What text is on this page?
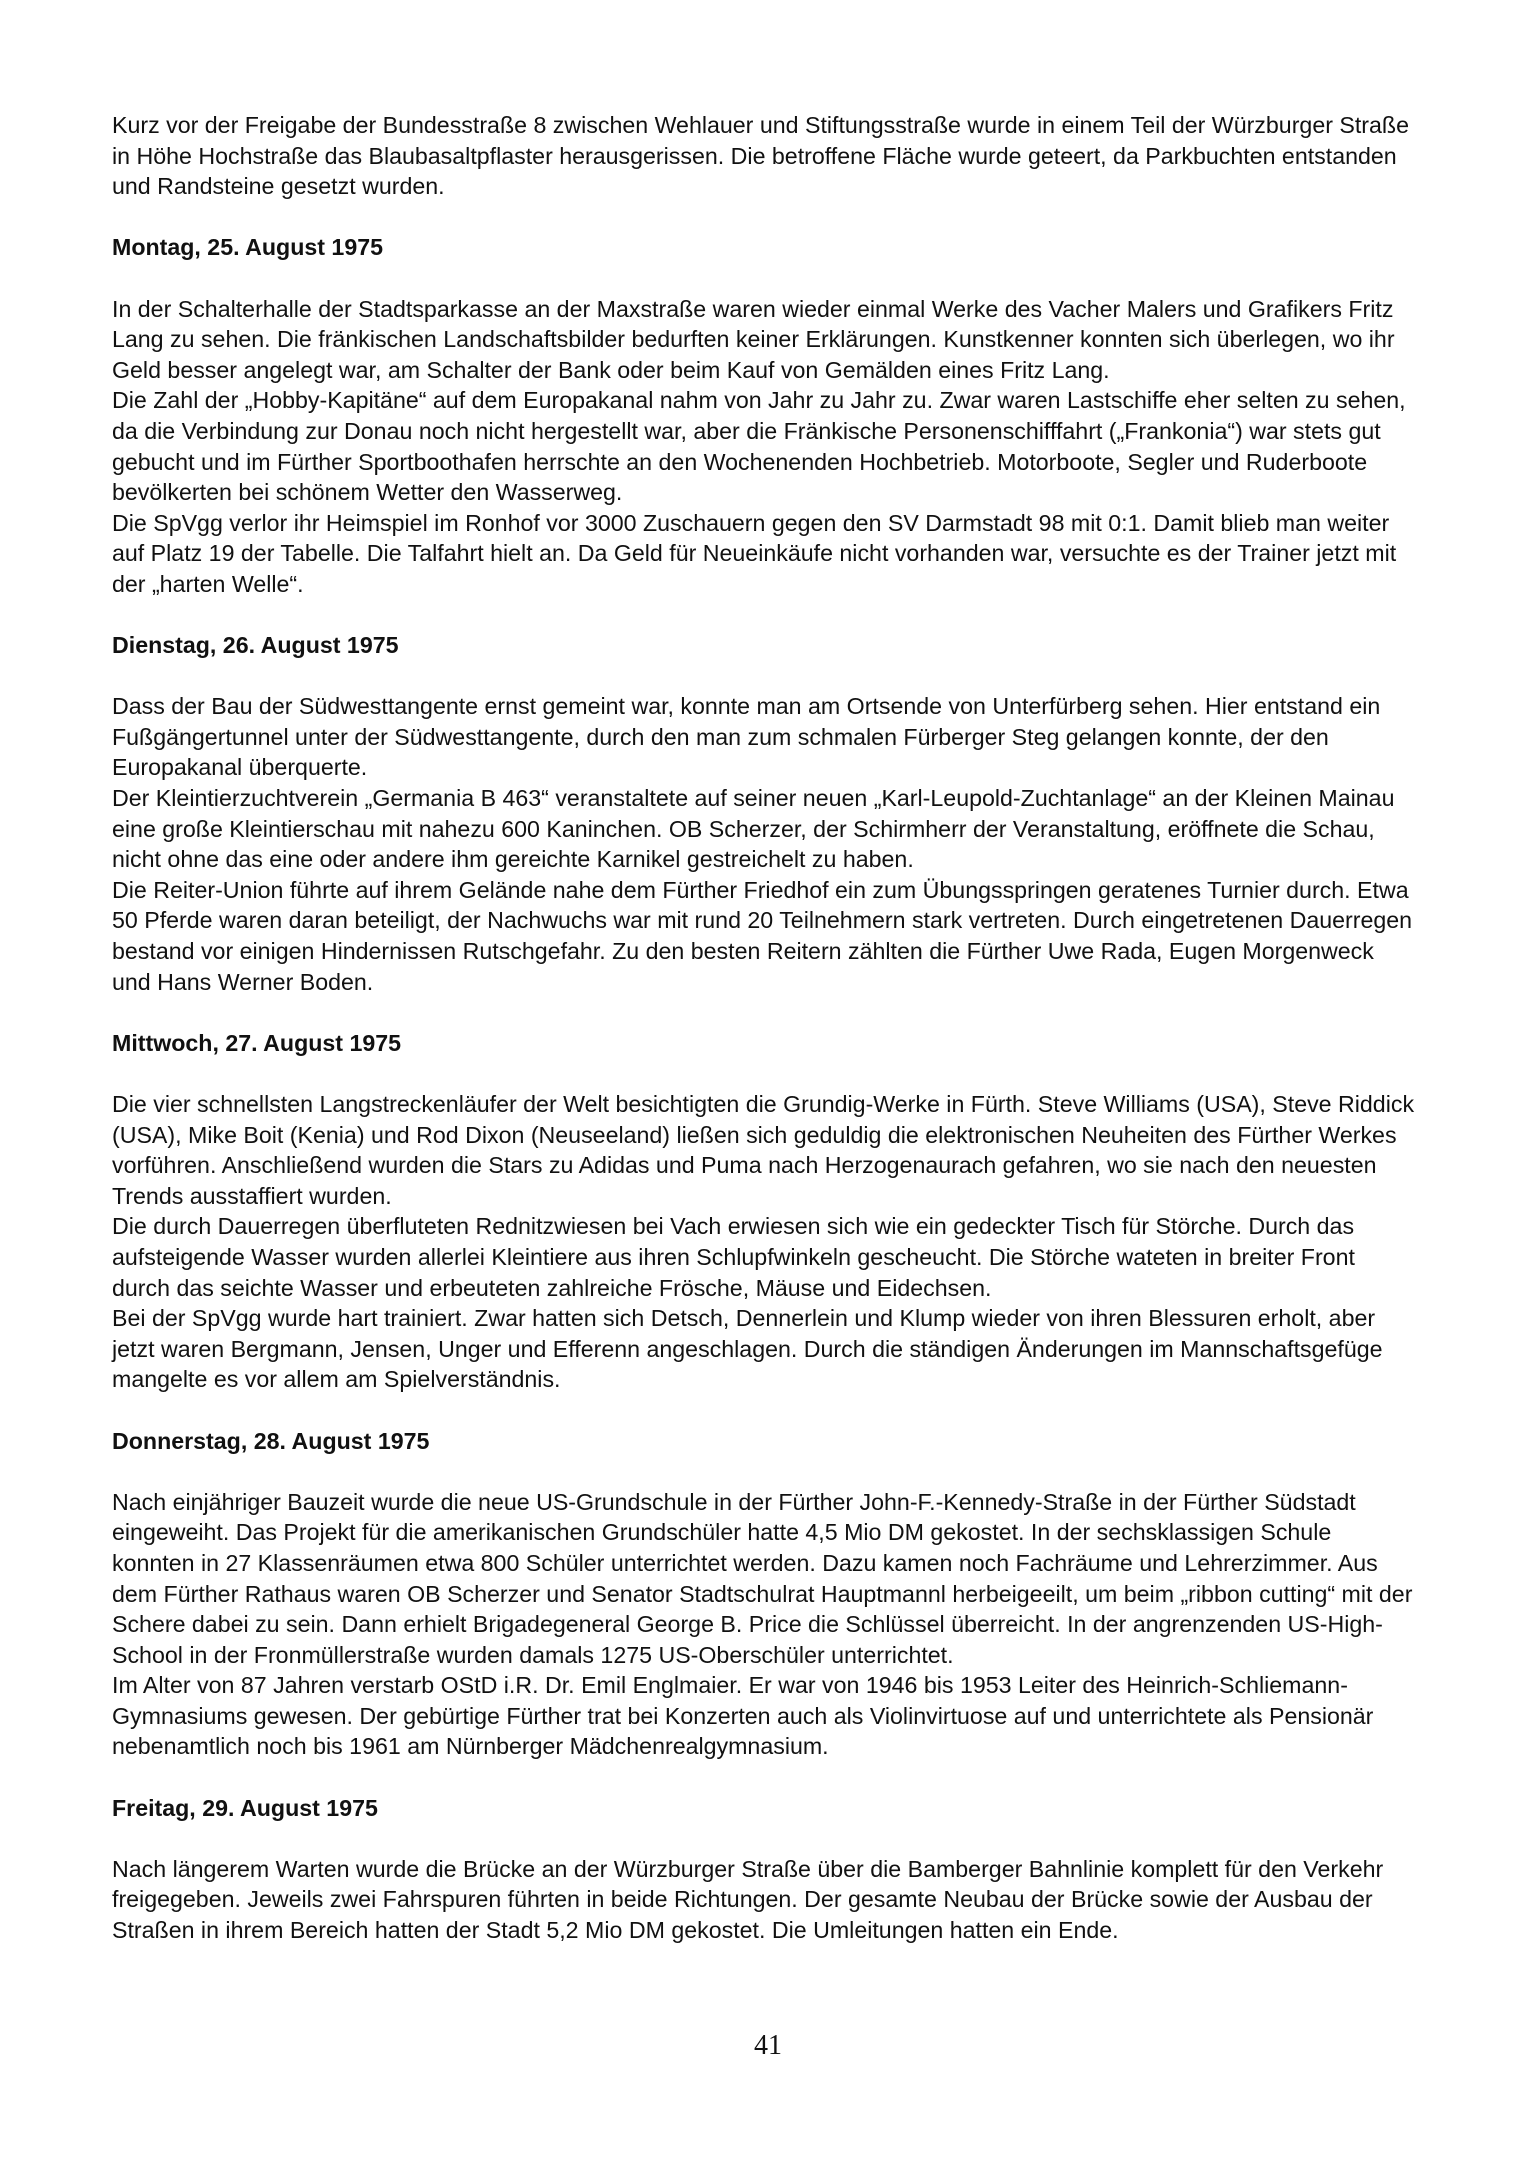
Kurz vor der Freigabe der Bundesstraße 8 zwischen Wehlauer und Stiftungsstraße wurde in einem Teil der Würzburger Straße in Höhe Hochstraße das Blaubasaltpflaster herausgerissen. Die betroffene Fläche wurde geteert, da Parkbuchten entstanden und Randsteine gesetzt wurden.

Montag, 25. August 1975

In der Schalterhalle der Stadtsparkasse an der Maxstraße waren wieder einmal Werke des Vacher Malers und Grafikers Fritz Lang zu sehen. Die fränkischen Landschaftsbilder bedurften keiner Erklärungen. Kunstkenner konnten sich überlegen, wo ihr Geld besser angelegt war, am Schalter der Bank oder beim Kauf von Gemälden eines Fritz Lang.

Die Zahl der „Hobby-Kapitäne“ auf dem Europakanal nahm von Jahr zu Jahr zu. Zwar waren Lastschiffe eher selten zu sehen, da die Verbindung zur Donau noch nicht hergestellt war, aber die Fränkische Personenschifffahrt („Frankonia“) war stets gut gebucht und im Fürther Sportboothafen herrschte an den Wochenenden Hochbetrieb. Motorboote, Segler und Ruderboote bevölkerten bei schönem Wetter den Wasserweg.

Die SpVgg verlor ihr Heimspiel im Ronhof vor 3000 Zuschauern gegen den SV Darmstadt 98 mit 0:1. Damit blieb man weiter auf Platz 19 der Tabelle. Die Talfahrt hielt an. Da Geld für Neueinkäufe nicht vorhanden war, versuchte es der Trainer jetzt mit der „harten Welle“.

Dienstag, 26. August 1975

Dass der Bau der Südwesttangente ernst gemeint war, konnte man am Ortsende von Unterfürberg sehen. Hier entstand ein Fußgängertunnel unter der Südwesttangente, durch den man zum schmalen Fürberger Steg gelangen konnte, der den Europakanal überquerte.

Der Kleintierzuchtverein „Germania B 463“ veranstaltete auf seiner neuen „Karl-Leupold-Zuchtanlage“ an der Kleinen Mainau eine große Kleintierschau mit nahezu 600 Kaninchen. OB Scherzer, der Schirmherr der Veranstaltung, eröffnete die Schau, nicht ohne das eine oder andere ihm gereichte Karnikel gestreichelt zu haben.

Die Reiter-Union führte auf ihrem Gelände nahe dem Fürther Friedhof ein zum Übungsspringen geratenes Turnier durch. Etwa 50 Pferde waren daran beteiligt, der Nachwuchs war mit rund 20 Teilnehmern stark vertreten. Durch eingetretenen Dauerregen bestand vor einigen Hindernissen Rutschgefahr. Zu den besten Reitern zählten die Fürther Uwe Rada, Eugen Morgenweck und Hans Werner Boden.

Mittwoch, 27. August 1975

Die vier schnellsten Langstreckenläufer der Welt besichtigten die Grundig-Werke in Fürth. Steve Williams (USA), Steve Riddick (USA), Mike Boit (Kenia) und Rod Dixon (Neuseeland) ließen sich geduldig die elektronischen Neuheiten des Fürther Werkes vorführen. Anschließend wurden die Stars zu Adidas und Puma nach Herzogenaurach gefahren, wo sie nach den neuesten Trends ausstaffiert wurden.

Die durch Dauerregen überfluteten Rednitzwiesen bei Vach erwiesen sich wie ein gedeckter Tisch für Störche. Durch das aufsteigende Wasser wurden allerlei Kleintiere aus ihren Schlupfwinkeln gescheucht. Die Störche wateten in breiter Front durch das seichte Wasser und erbeuteten zahlreiche Frösche, Mäuse und Eidechsen.

Bei der SpVgg wurde hart trainiert. Zwar hatten sich Detsch, Dennerlein und Klump wieder von ihren Blessuren erholt, aber jetzt waren Bergmann, Jensen, Unger und Efferenn angeschlagen. Durch die ständigen Änderungen im Mannschaftsgefüge mangelte es vor allem am Spielverständnis.

Donnerstag, 28. August 1975

Nach einjähriger Bauzeit wurde die neue US-Grundschule in der Fürther John-F.-Kennedy-Straße in der Fürther Südstadt eingeweiht. Das Projekt für die amerikanischen Grundschüler hatte 4,5 Mio DM gekostet. In der sechsklassigen Schule konnten in 27 Klassenräumen etwa 800 Schüler unterrichtet werden. Dazu kamen noch Fachräume und Lehrerzimmer. Aus dem Fürther Rathaus waren OB Scherzer und Senator Stadtschulrat Hauptmannl herbeigeeilt, um beim „ribbon cutting“ mit der Schere dabei zu sein. Dann erhielt Brigadegeneral George B. Price die Schlüssel überreicht. In der angrenzenden US-High-School in der Fronmüllerstraße wurden damals 1275 US-Oberschüler unterrichtet.

Im Alter von 87 Jahren verstarb OStD i.R. Dr. Emil Englmaier. Er war von 1946 bis 1953 Leiter des Heinrich-Schliemann-Gymnasiums gewesen. Der gebürtige Fürther trat bei Konzerten auch als Violinvirtuose auf und unterrichtete als Pensionär nebenamtlich noch bis 1961 am Nürnberger Mädchenrealgymnasium.

Freitag, 29. August 1975

Nach längerem Warten wurde die Brücke an der Würzburger Straße über die Bamberger Bahnlinie komplett für den Verkehr freigegeben. Jeweils zwei Fahrspuren führten in beide Richtungen. Der gesamte Neubau der Brücke sowie der Ausbau der Straßen in ihrem Bereich hatten der Stadt 5,2 Mio DM gekostet. Die Umleitungen hatten ein Ende.

41
